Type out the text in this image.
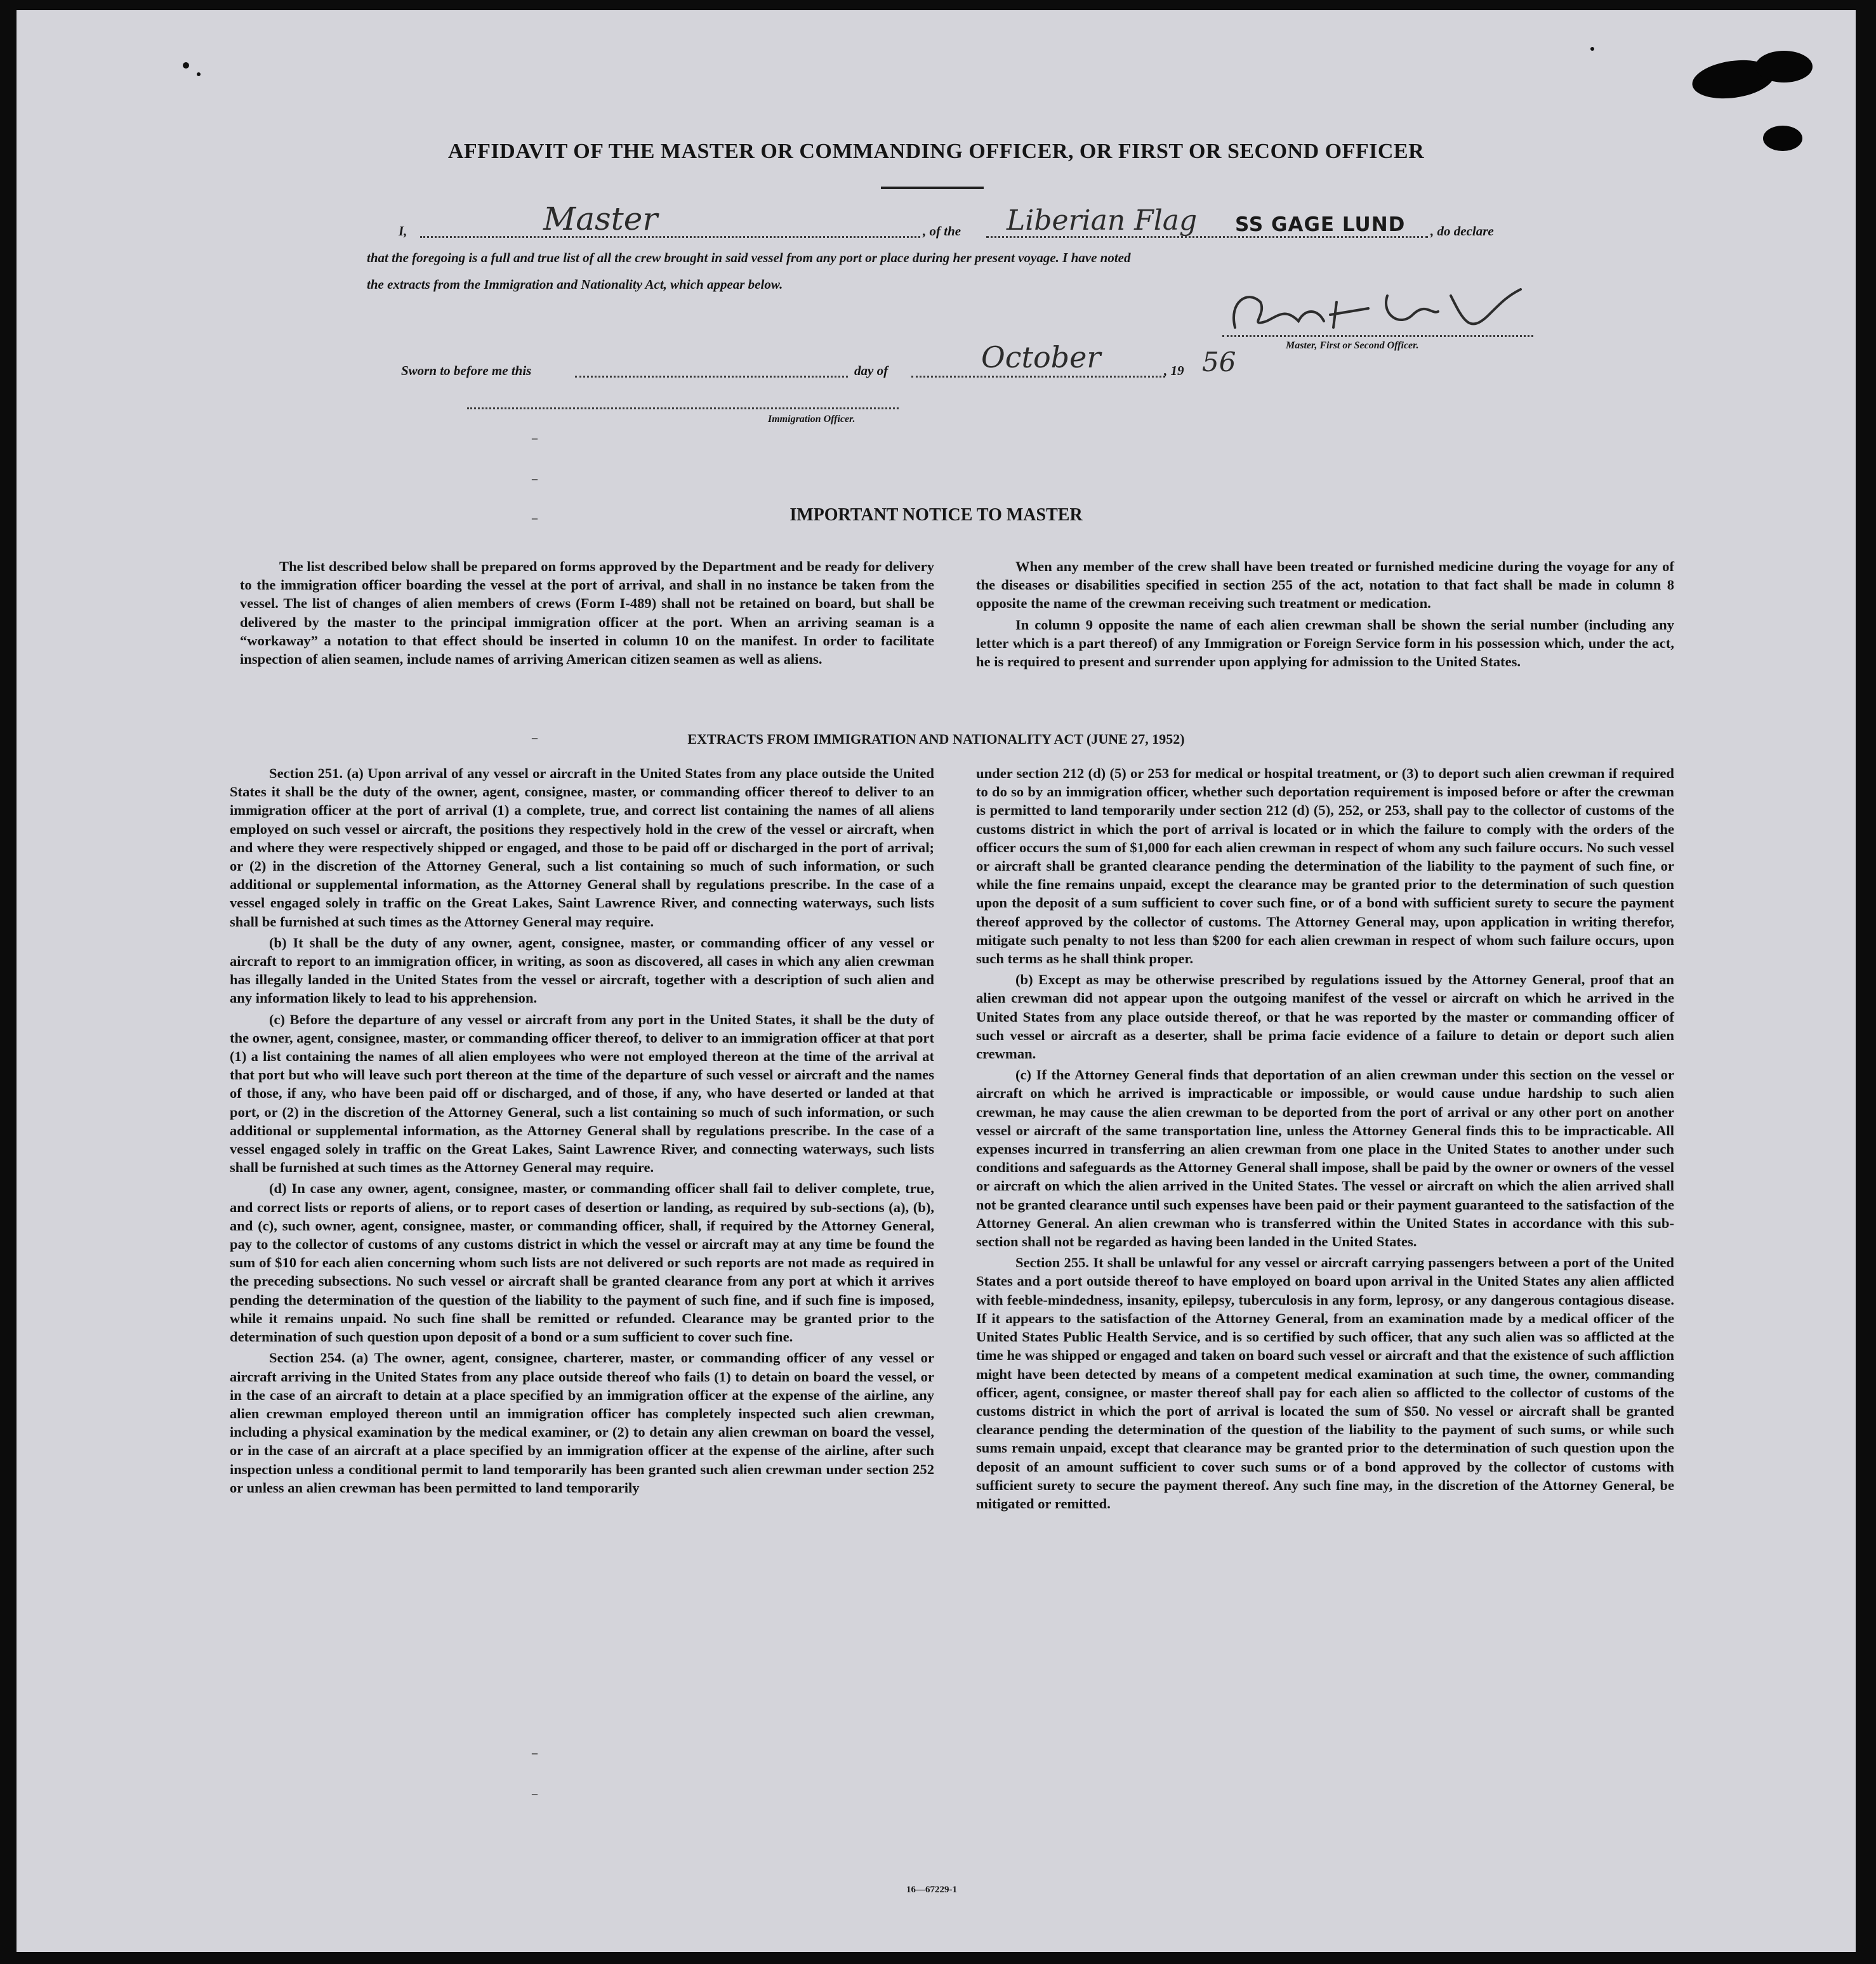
AFFIDAVIT OF THE MASTER OR COMMANDING OFFICER, OR FIRST OR SECOND OFFICER
I,	Master	, of the Liberian Flag SS GAGE LUND , do declare
that the foregoing is a full and true list of all the crew brought in said vessel from any port or place during her present voyage. I have noted
the extracts from the Immigration and Nationality Act, which appear below.
Master, First or Second Officer.
Sworn to before me this	day of	October	, 19 56
Immigration Officer.
–
–
–	IMPORTANT NOTICE TO MASTER

The list described below shall be prepared on forms approved by the Department and be ready for delivery to the immigration officer boarding the vessel at the port of arrival, and shall in no instance be taken from the vessel. The list of changes of alien members of crews (Form I-489) shall not be retained on board, but shall be delivered by the master to the principal immigration officer at the port. When an arriving seaman is a “workaway” a notation to that effect should be inserted in column 10 on the manifest. In order to facilitate inspection of alien seamen, include names of arriving American citizen seamen as well as aliens.

When any member of the crew shall have been treated or furnished medicine during the voyage for any of the diseases or disabilities specified in section 255 of the act, notation to that fact shall be made in column 8 opposite the name of the crewman receiving such treatment or medication.

In column 9 opposite the name of each alien crewman shall be shown the serial number (including any letter which is a part thereof) of any Immigration or Foreign Service form in his possession which, under the act, he is required to present and surrender upon applying for admission to the United States.

EXTRACTS FROM IMMIGRATION AND NATIONALITY ACT (JUNE 27, 1952)
–

Section 251. (a) Upon arrival of any vessel or aircraft in the United States from any place outside the United States it shall be the duty of the owner, agent, consignee, master, or commanding officer thereof to deliver to an immigration officer at the port of arrival (1) a complete, true, and correct list containing the names of all aliens employed on such vessel or aircraft, the positions they respectively hold in the crew of the vessel or aircraft, when and where they were respectively shipped or engaged, and those to be paid off or discharged in the port of arrival; or (2) in the discretion of the Attorney General, such a list containing so much of such information, or such additional or supplemental information, as the Attorney General shall by regulations prescribe. In the case of a vessel engaged solely in traffic on the Great Lakes, Saint Lawrence River, and connecting waterways, such lists shall be furnished at such times as the Attorney General may require.

(b) It shall be the duty of any owner, agent, consignee, master, or commanding officer of any vessel or aircraft to report to an immigration officer, in writing, as soon as discovered, all cases in which any alien crewman has illegally landed in the United States from the vessel or aircraft, together with a description of such alien and any information likely to lead to his apprehension.

(c) Before the departure of any vessel or aircraft from any port in the United States, it shall be the duty of the owner, agent, consignee, master, or commanding officer thereof, to deliver to an immigration officer at that port (1) a list containing the names of all alien employees who were not employed thereon at the time of the arrival at that port but who will leave such port thereon at the time of the departure of such vessel or aircraft and the names of those, if any, who have been paid off or discharged, and of those, if any, who have deserted or landed at that port, or (2) in the discretion of the Attorney General, such a list containing so much of such information, or such additional or supplemental information, as the Attorney General shall by regulations prescribe. In the case of a vessel engaged solely in traffic on the Great Lakes, Saint Lawrence River, and connecting waterways, such lists shall be furnished at such times as the Attorney General may require.

(d) In case any owner, agent, consignee, master, or commanding officer shall fail to deliver complete, true, and correct lists or reports of aliens, or to report cases of desertion or landing, as required by sub-sections (a), (b), and (c), such owner, agent, consignee, master, or commanding officer, shall, if required by the Attorney General, pay to the collector of customs of any customs district in which the vessel or aircraft may at any time be found the sum of $10 for each alien concerning whom such lists are not delivered or such reports are not made as required in the preceding subsections. No such vessel or aircraft shall be granted clearance from any port at which it arrives pending the determination of the question of the liability to the payment of such fine, and if such fine is imposed, while it remains unpaid. No such fine shall be remitted or refunded. Clearance may be granted prior to the determination of such question upon deposit of a bond or a sum sufficient to cover such fine.

Section 254. (a) The owner, agent, consignee, charterer, master, or commanding officer of any vessel or aircraft arriving in the United States from any place outside thereof who fails (1) to detain on board the vessel, or in the case of an aircraft to detain at a place specified by an immigration officer at the expense of the airline, any alien crewman employed thereon until an immigration officer has completely inspected such alien crewman, including a physical examination by the medical examiner, or (2) to detain any alien crewman on board the vessel, or in the case of an aircraft at a place specified by an immigration officer at the expense of the airline, after such inspection unless a conditional permit to land temporarily has been granted such alien crewman under section 252 or unless an alien crewman has been permitted to land temporarily

under section 212 (d) (5) or 253 for medical or hospital treatment, or (3) to deport such alien crewman if required to do so by an immigration officer, whether such deportation requirement is imposed before or after the crewman is permitted to land temporarily under section 212 (d) (5), 252, or 253, shall pay to the collector of customs of the customs district in which the port of arrival is located or in which the failure to comply with the orders of the officer occurs the sum of $1,000 for each alien crewman in respect of whom any such failure occurs. No such vessel or aircraft shall be granted clearance pending the determination of the liability to the payment of such fine, or while the fine remains unpaid, except the clearance may be granted prior to the determination of such question upon the deposit of a sum sufficient to cover such fine, or of a bond with sufficient surety to secure the payment thereof approved by the collector of customs. The Attorney General may, upon application in writing therefor, mitigate such penalty to not less than $200 for each alien crewman in respect of whom such failure occurs, upon such terms as he shall think proper.

(b) Except as may be otherwise prescribed by regulations issued by the Attorney General, proof that an alien crewman did not appear upon the outgoing manifest of the vessel or aircraft on which he arrived in the United States from any place outside thereof, or that he was reported by the master or commanding officer of such vessel or aircraft as a deserter, shall be prima facie evidence of a failure to detain or deport such alien crewman.

(c) If the Attorney General finds that deportation of an alien crewman under this section on the vessel or aircraft on which he arrived is impracticable or impossible, or would cause undue hardship to such alien crewman, he may cause the alien crewman to be deported from the port of arrival or any other port on another vessel or aircraft of the same transportation line, unless the Attorney General finds this to be impracticable. All expenses incurred in transferring an alien crewman from one place in the United States to another under such conditions and safeguards as the Attorney General shall impose, shall be paid by the owner or owners of the vessel or aircraft on which the alien arrived in the United States. The vessel or aircraft on which the alien arrived shall not be granted clearance until such expenses have been paid or their payment guaranteed to the satisfaction of the Attorney General. An alien crewman who is transferred within the United States in accordance with this sub-section shall not be regarded as having been landed in the United States.

Section 255. It shall be unlawful for any vessel or aircraft carrying passengers between a port of the United States and a port outside thereof to have employed on board upon arrival in the United States any alien afflicted with feeble-mindedness, insanity, epilepsy, tuberculosis in any form, leprosy, or any dangerous contagious disease. If it appears to the satisfaction of the Attorney General, from an examination made by a medical officer of the United States Public Health Service, and is so certified by such officer, that any such alien was so afflicted at the time he was shipped or engaged and taken on board such vessel or aircraft and that the existence of such affliction might have been detected by means of a competent medical examination at such time, the owner, commanding officer, agent, consignee, or master thereof shall pay for each alien so afflicted to the collector of customs of the customs district in which the port of arrival is located the sum of $50. No vessel or aircraft shall be granted clearance pending the determination of the question of the liability to the payment of such sums, or while such sums remain unpaid, except that clearance may be granted prior to the determination of such question upon the deposit of an amount sufficient to cover such sums or of a bond approved by the collector of customs with sufficient surety to secure the payment thereof. Any such fine may, in the discretion of the Attorney General, be mitigated or remitted.

–
–
16—67229-1
